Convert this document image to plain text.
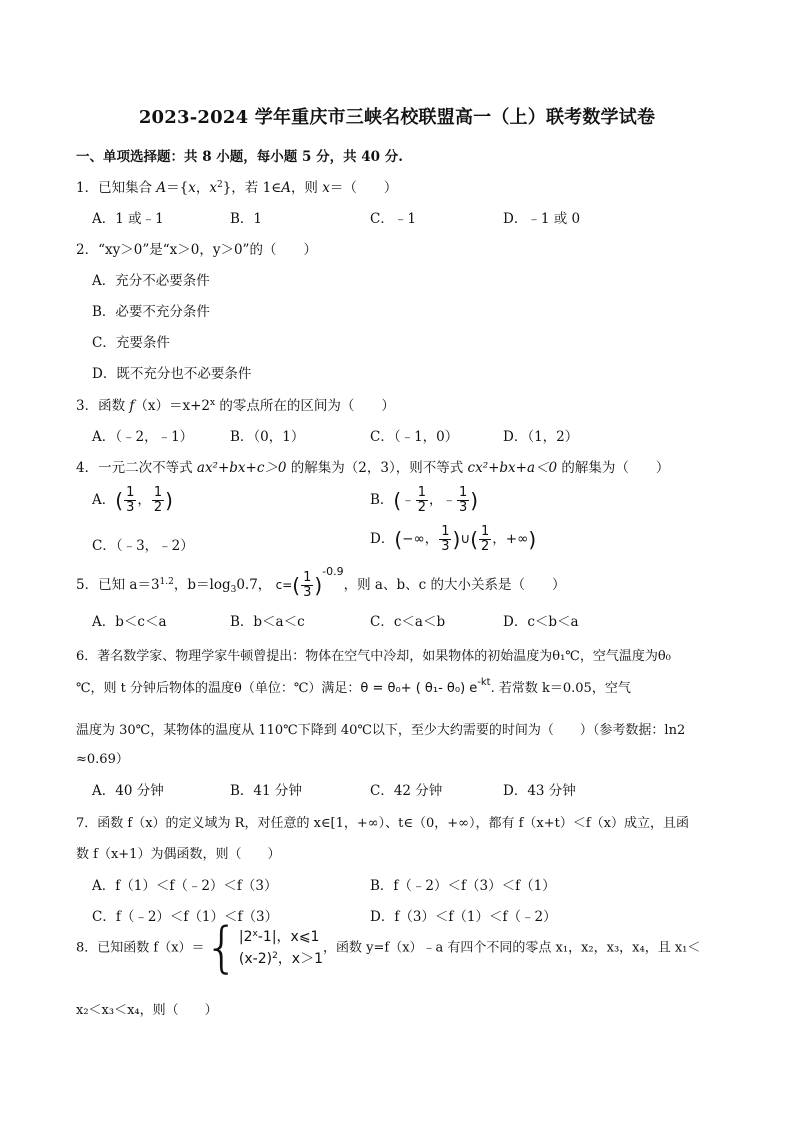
2023-2024 学年重庆市三峡名校联盟高一（上）联考数学试卷
一、单项选择题：共 8 小题，每小题 5 分，共 40 分.
1．已知集合 A＝{x，$x^2$}，若 1∈A，则 x＝（　　）
A．1 或﹣1	B．1	C．﹣1	D．﹣1 或 0
2．“xy＞0”是“x＞0，y＞0”的（　　）
A．充分不必要条件
B．必要不充分条件
C．充要条件
D．既不充分也不必要条件
3．函数 $f(x)=x+2^x$ 的零点所在的区间为（　　）
A．（﹣2，﹣1）	B．（0，1）	C．（﹣1，0）	D．（1，2）
4．一元二次不等式 ax²+bx+c＞0 的解集为（2，3），则不等式 cx²+bx+a＜0 的解集为（　　）
A．( $\frac{1}{3}$ ， $\frac{1}{2}$ )	B．(﹣ $\frac{1}{2}$ ，﹣ $\frac{1}{3}$ )
C．（﹣3，﹣2）	D．(−∞， $\frac{1}{3}$ )∪( $\frac{1}{2}$ ，+∞)
5．已知 $a=3^{1.2}$，$b=\log_30.7$， $c=( \frac{1}{3} )^{-0.9}$，则 a、b、c 的大小关系是（　　）
A．b＜c＜a	B．b＜a＜c	C．c＜a＜b	D．c＜b＜a
6．著名数学家、物理学家牛顿曾提出：物体在空气中冷却，如果物体的初始温度为θ₁℃，空气温度为θ₀
℃，则 t 分钟后物体的温度θ（单位：℃）满足：θ = θ₀+ ( θ₁- θ₀) $e^{-kt}$. 若常数 k＝0.05，空气
温度为 30℃，某物体的温度从 110℃下降到 40℃以下，至少大约需要的时间为（　　）（参考数据：ln2
≈0.69）
A．40 分钟	B．41 分钟	C．42 分钟	D．43 分钟
7．函数 f（x）的定义域为 R，对任意的 x∈[1，+∞）、t∈（0，+∞），都有 f（x+t）＜f（x）成立，且函
数 f（x+1）为偶函数，则（　　）
A．f（1）＜f（﹣2）＜f（3）	B．f（﹣2）＜f（3）＜f（1）
C．f（﹣2）＜f（1）＜f（3）	D．f（3）＜f（1）＜f（﹣2）
8．已知函数 $f(x)=\{|2^x-1|$，x⩽1
$(x-2)^2$，x＞1，函数 y=f（x）﹣a 有四个不同的零点 x₁，x₂，x₃，x₄，且 x₁＜
x₂＜x₃＜x₄，则（　　）
